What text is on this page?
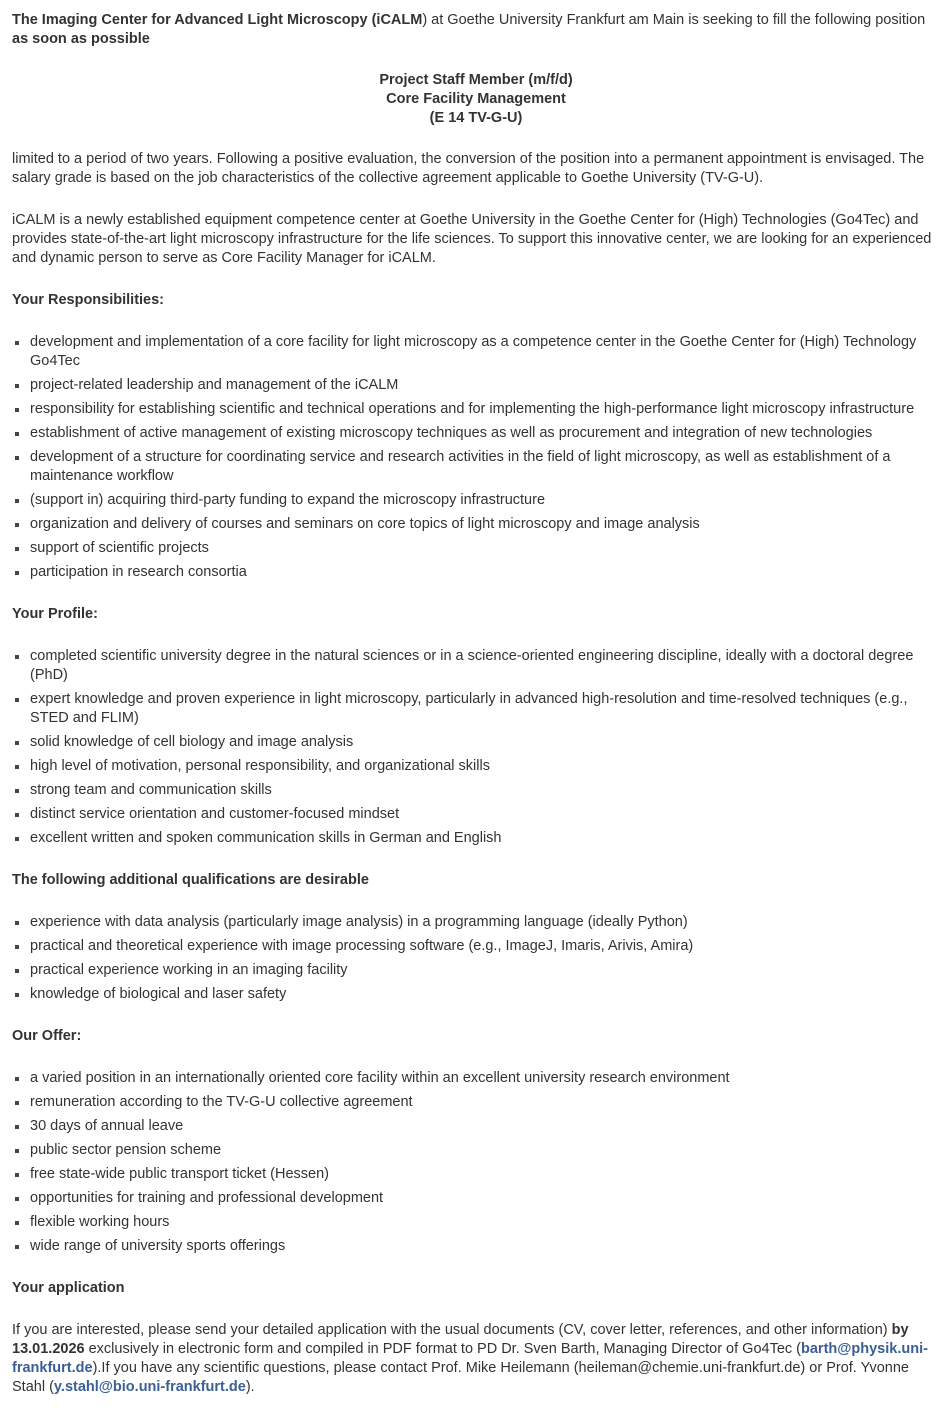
The Imaging Center for Advanced Light Microscopy (iCALM) at Goethe University Frankfurt am Main is seeking to fill the following position as soon as possible

Project Staff Member (m/f/d)
Core Facility Management
(E 14 TV-G-U)

limited to a period of two years. Following a positive evaluation, the conversion of the position into a permanent appointment is envisaged. The salary grade is based on the job characteristics of the collective agreement applicable to Goethe University (TV-G-U).

iCALM is a newly established equipment competence center at Goethe University in the Goethe Center for (High) Technologies (Go4Tec) and provides state-of-the-art light microscopy infrastructure for the life sciences. To support this innovative center, we are looking for an experienced and dynamic person to serve as Core Facility Manager for iCALM.

Your Responsibilities:

development and implementation of a core facility for light microscopy as a competence center in the Goethe Center for (High) Technology Go4Tec
project-related leadership and management of the iCALM
responsibility for establishing scientific and technical operations and for implementing the high-performance light microscopy infrastructure
establishment of active management of existing microscopy techniques as well as procurement and integration of new technologies
development of a structure for coordinating service and research activities in the field of light microscopy, as well as establishment of a maintenance workflow
(support in) acquiring third-party funding to expand the microscopy infrastructure
organization and delivery of courses and seminars on core topics of light microscopy and image analysis
support of scientific projects
participation in research consortia

Your Profile:

completed scientific university degree in the natural sciences or in a science-oriented engineering discipline, ideally with a doctoral degree (PhD)
expert knowledge and proven experience in light microscopy, particularly in advanced high-resolution and time-resolved techniques (e.g., STED and FLIM)
solid knowledge of cell biology and image analysis
high level of motivation, personal responsibility, and organizational skills
strong team and communication skills
distinct service orientation and customer-focused mindset
excellent written and spoken communication skills in German and English

The following additional qualifications are desirable

experience with data analysis (particularly image analysis) in a programming language (ideally Python)
practical and theoretical experience with image processing software (e.g., ImageJ, Imaris, Arivis, Amira)
practical experience working in an imaging facility
knowledge of biological and laser safety

Our Offer:

a varied position in an internationally oriented core facility within an excellent university research environment
remuneration according to the TV-G-U collective agreement
30 days of annual leave
public sector pension scheme
free state-wide public transport ticket (Hessen)
opportunities for training and professional development
flexible working hours
wide range of university sports offerings

Your application

If you are interested, please send your detailed application with the usual documents (CV, cover letter, references, and other information) by 13.01.2026 exclusively in electronic form and compiled in PDF format to PD Dr. Sven Barth, Managing Director of Go4Tec (barth@physik.uni-frankfurt.de).If you have any scientific questions, please contact Prof. Mike Heilemann (heileman@chemie.uni-frankfurt.de) or Prof. Yvonne Stahl (y.stahl@bio.uni-frankfurt.de).
